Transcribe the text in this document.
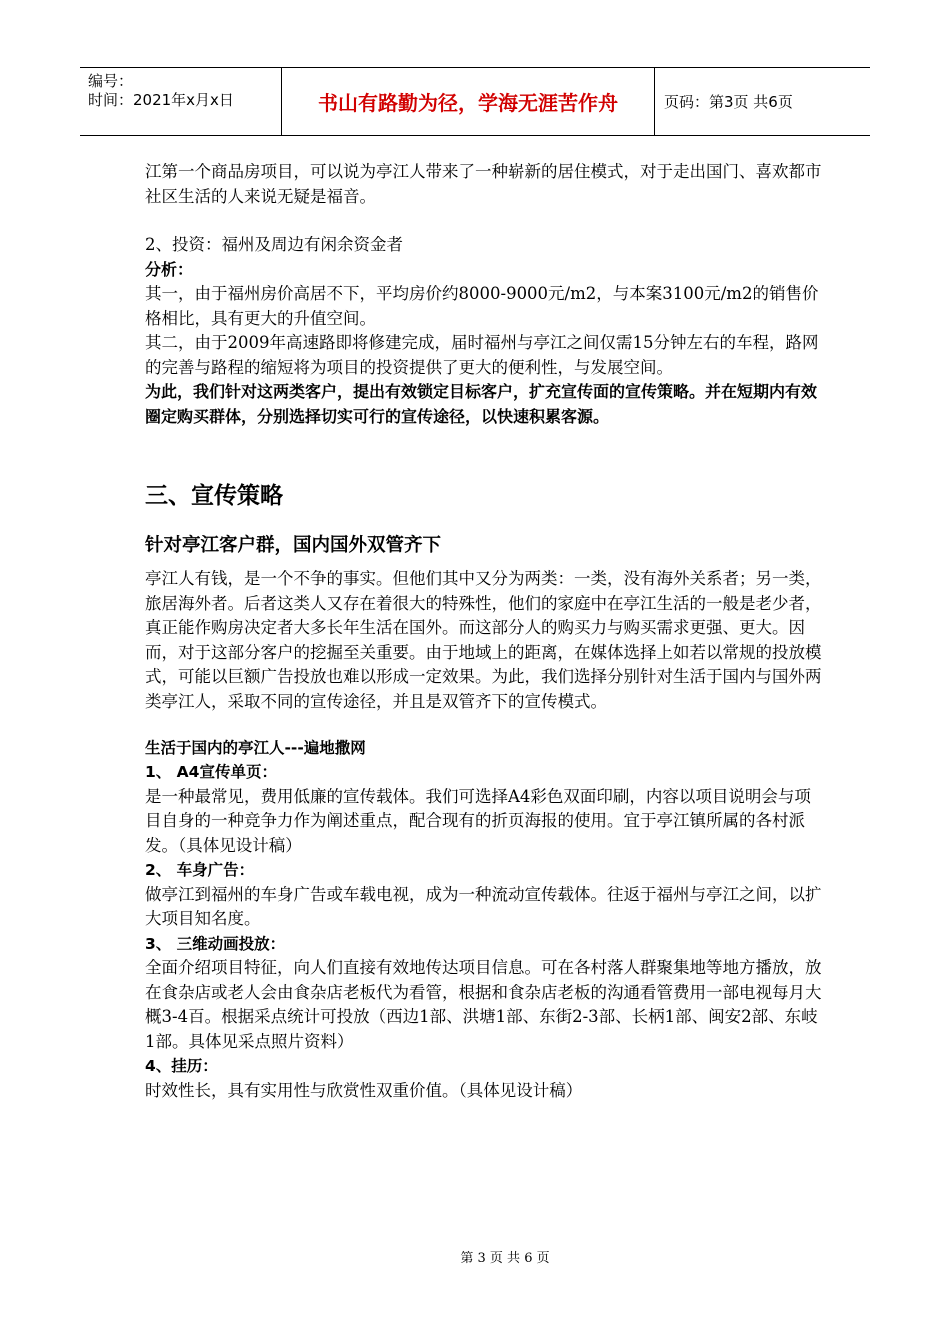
编号：
时间：2021年x月x日	书山有路勤为径，学海无涯苦作舟	页码：第3页 共6页

江第一个商品房项目，可以说为亭江人带来了一种崭新的居住模式，对于走出国门、喜欢都市社区生活的人来说无疑是福音。

2、投资：福州及周边有闲余资金者

分析：

其一，由于福州房价高居不下，平均房价约8000-9000元/m2，与本案3100元/m2的销售价格相比，具有更大的升值空间。

其二，由于2009年高速路即将修建完成，届时福州与亭江之间仅需15分钟左右的车程，路网的完善与路程的缩短将为项目的投资提供了更大的便利性，与发展空间。

为此，我们针对这两类客户，提出有效锁定目标客户，扩充宣传面的宣传策略。并在短期内有效圈定购买群体，分别选择切实可行的宣传途径，以快速积累客源。

三、宣传策略
针对亭江客户群，国内国外双管齐下

亭江人有钱，是一个不争的事实。但他们其中又分为两类：一类，没有海外关系者；另一类，旅居海外者。后者这类人又存在着很大的特殊性，他们的家庭中在亭江生活的一般是老少者，真正能作购房决定者大多长年生活在国外。而这部分人的购买力与购买需求更强、更大。因而，对于这部分客户的挖掘至关重要。由于地域上的距离，在媒体选择上如若以常规的投放模式，可能以巨额广告投放也难以形成一定效果。为此，我们选择分别针对生活于国内与国外两类亭江人，采取不同的宣传途径，并且是双管齐下的宣传模式。

生活于国内的亭江人---遍地撒网
1、 A4宣传单页：

是一种最常见，费用低廉的宣传载体。我们可选择A4彩色双面印刷，内容以项目说明会与项目自身的一种竞争力作为阐述重点，配合现有的折页海报的使用。宜于亭江镇所属的各村派发。（具体见设计稿）

2、 车身广告：

做亭江到福州的车身广告或车载电视，成为一种流动宣传载体。往返于福州与亭江之间，以扩大项目知名度。

3、 三维动画投放：

全面介绍项目特征，向人们直接有效地传达项目信息。可在各村落人群聚集地等地方播放，放在食杂店或老人会由食杂店老板代为看管，根据和食杂店老板的沟通看管费用一部电视每月大概3-4百。根据采点统计可投放（西边1部、洪塘1部、东街2-3部、长柄1部、闽安2部、东岐1部。具体见采点照片资料）

4、挂历：

时效性长，具有实用性与欣赏性双重价值。（具体见设计稿）

第 3 页 共 6 页
